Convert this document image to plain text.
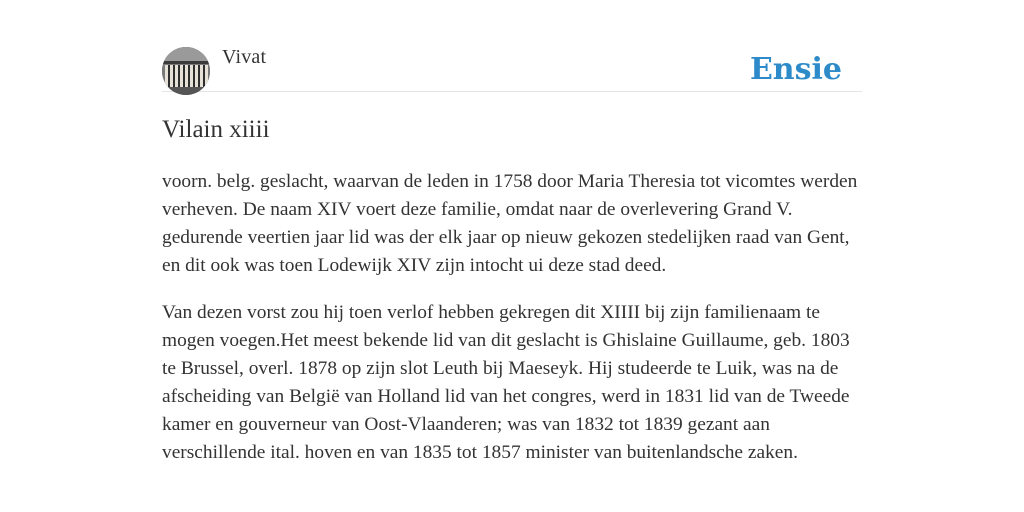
Vivat	Ensie
Vilain xiiii

voorn. belg. geslacht, waarvan de leden in 1758 door Maria Theresia tot vicomtes werden verheven. De naam XIV voert deze familie, omdat naar de overlevering Grand V. gedurende veertien jaar lid was der elk jaar op nieuw gekozen stedelijken raad van Gent, en dit ook was toen Lodewijk XIV zijn intocht ui deze stad deed.

Van dezen vorst zou hij toen verlof hebben gekregen dit XIIII bij zijn familienaam te mogen voegen.Het meest bekende lid van dit geslacht is Ghislaine Guillaume, geb. 1803 te Brussel, overl. 1878 op zijn slot Leuth bij Maeseyk. Hij studeerde te Luik, was na de afscheiding van België van Holland lid van het congres, werd in 1831 lid van de Tweede kamer en gouverneur van Oost-Vlaanderen; was van 1832 tot 1839 gezant aan verschillende ital. hoven en van 1835 tot 1857 minister van buitenlandsche zaken.
